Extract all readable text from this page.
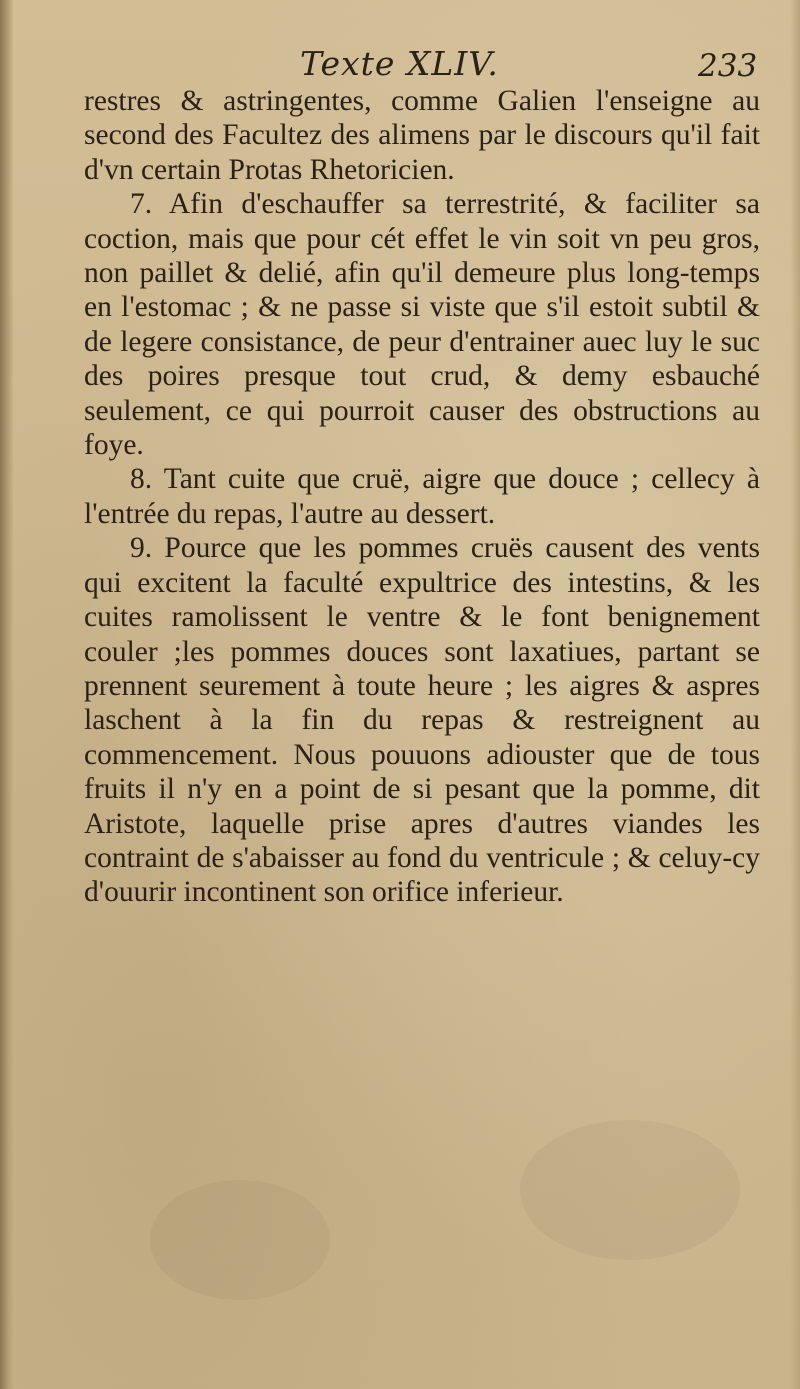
Texte XLIV.	233

restres & astringentes, comme Galien l'enseigne au second des Facultez des alimens par le discours qu'il fait d'vn certain Protas Rhetoricien.

7. Afin d'eschauffer sa terrestrité, & faciliter sa coction, mais que pour cét effet le vin soit vn peu gros, non paillet & delié, afin qu'il demeure plus long-temps en l'estomac ; & ne passe si viste que s'il estoit subtil & de legere consistance, de peur d'entrainer auec luy le suc des poires presque tout crud, & demy esbauché seulement, ce qui pourroit causer des obstructions au foye.

8. Tant cuite que cruë, aigre que douce ; cellecy à l'entrée du repas, l'autre au dessert.

9. Pource que les pommes cruës causent des vents qui excitent la faculté expultrice des intestins, & les cuites ramolissent le ventre & le font benignement couler ;les pommes douces sont laxatiues, partant se prennent seurement à toute heure ; les aigres & aspres laschent à la fin du repas & restreignent au commencement. Nous pouuons adiouster que de tous fruits il n'y en a point de si pesant que la pomme, dit Aristote, laquelle prise apres d'autres viandes les contraint de s'abaisser au fond du ventricule ; & celuy-cy d'ouurir incontinent son orifice inferieur.
